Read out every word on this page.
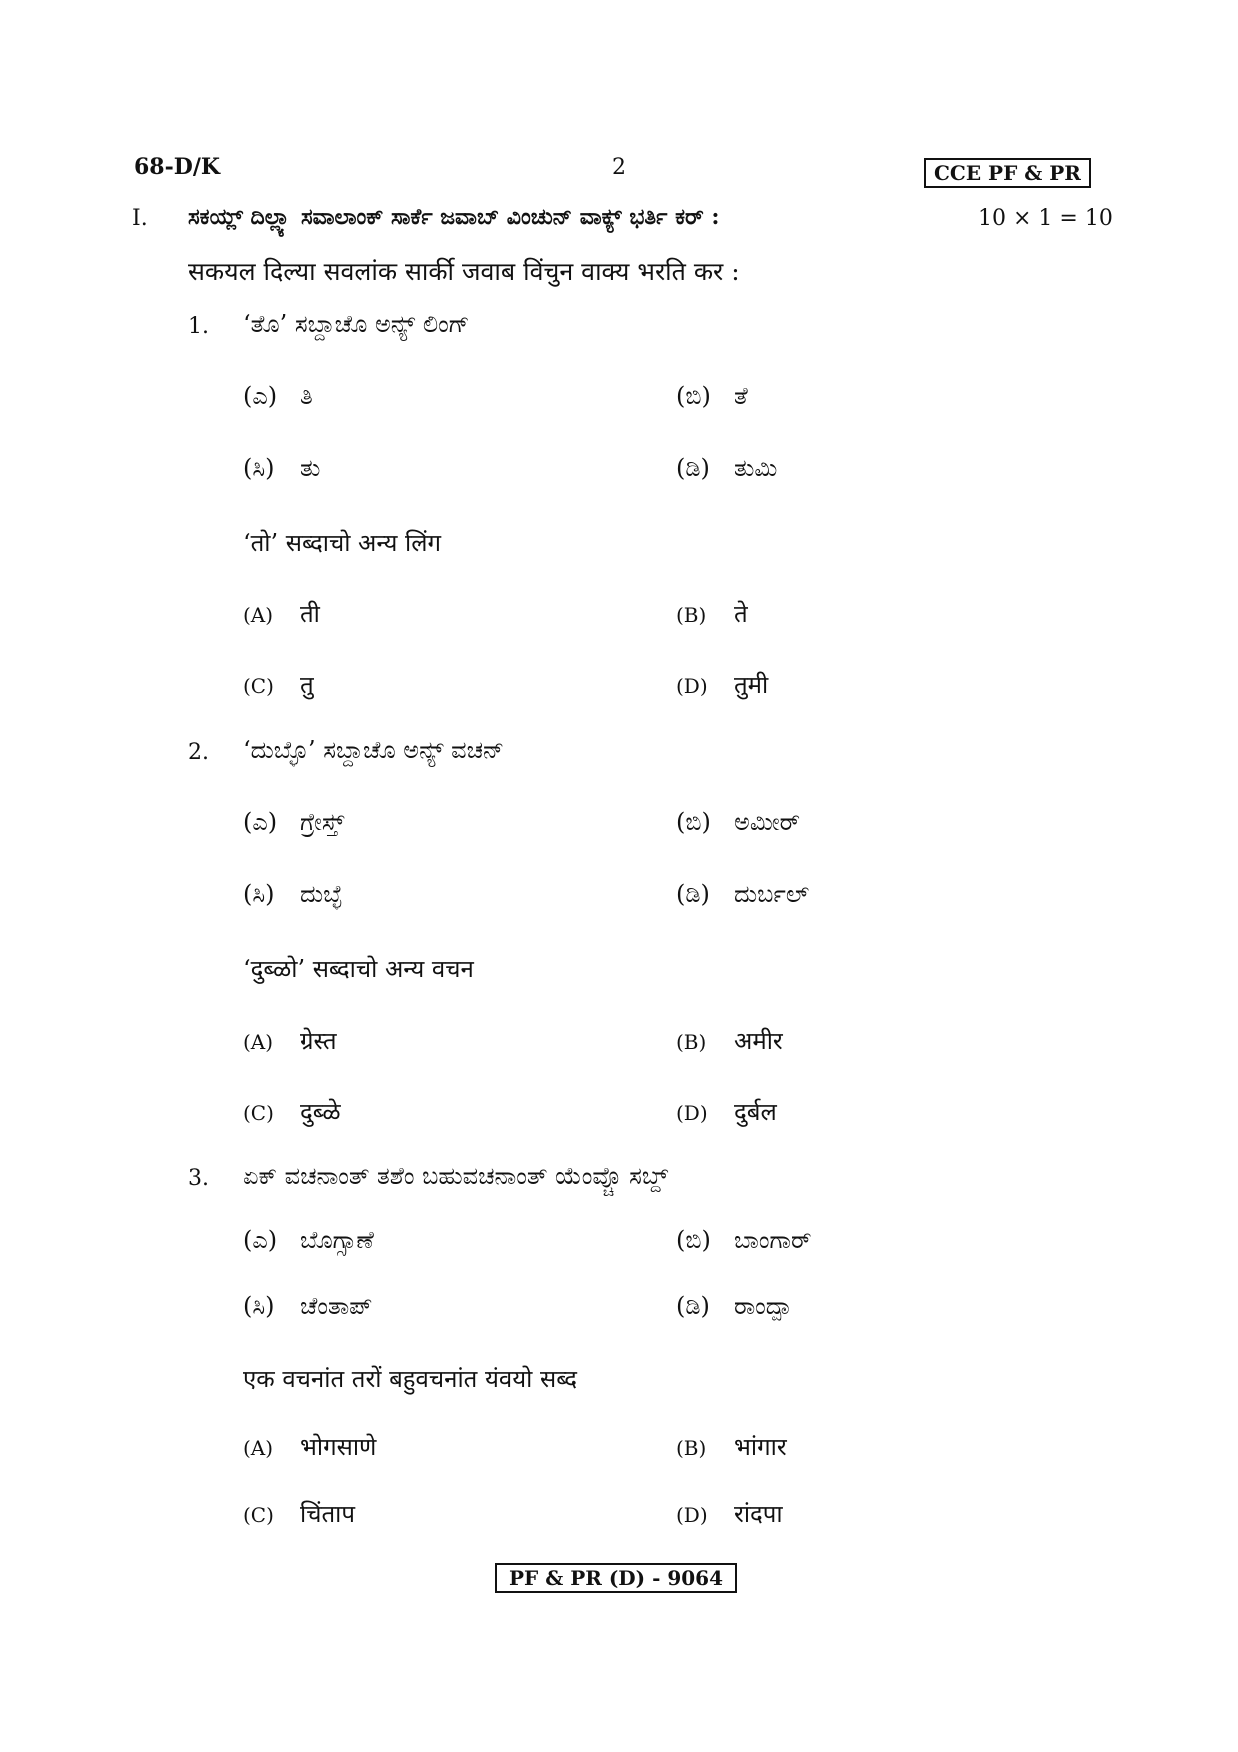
68-D/K	2	CCE PF & PR
I. ಸಕಯ್ಲ್ ದಿಲ್ಲ್ಯಾ ಸವಾಲಾಂಕ್ ಸಾರ್ಕೆ ಜವಾಬ್ ವಿಂಚುನ್ ವಾಕ್ಯ್ ಭರ್ತಿ ಕರ್ :	10 × 1 = 10
सकयल दिल्या सवलांक सार्की जवाब विंचुन वाक्य भरति कर :
1. ‘ತೊ’ ಸಬ್ದಾಚೊ ಅನ್ಯ್ ಲಿಂಗ್
(ಎ) ತಿ	(ಬಿ) ತೆ
(ಸಿ) ತು	(ಡಿ) ತುಮಿ
‘तो’ सब्दाचो अन्य लिंग
(A) ती	(B) ते
(C) तु	(D) तुमी
2. ‘ದುಬ್ಳೊ’ ಸಬ್ದಾಚೊ ಅನ್ಯ್ ವಚನ್
(ಎ) ಗ್ರೇಸ್ತ್	(ಬಿ) ಅಮೀರ್
(ಸಿ) ದುಬ್ಳೆ	(ಡಿ) ದುರ್ಬಲ್
‘दुब्ळो’ सब्दाचो अन्य वचन
(A) ग्रेस्त	(B) अमीर
(C) दुब्ळे	(D) दुर्बल
3. ಏಕ್ ವಚನಾಂತ್ ತಶೆಂ ಬಹುವಚನಾಂತ್ ಯೆಂವ್ಚೊ ಸಬ್ದ್
(ಎ) ಬೊಗ್ಸಾಣೆ	(ಬಿ) ಬಾಂಗಾರ್
(ಸಿ) ಚೆಂತಾಪ್	(ಡಿ) ರಾಂದ್ಪಾ
एक वचनांत तरों बहुवचनांत यंवयो सब्द
(A) भोगसाणे	(B) भांगार
(C) चिंताप	(D) रांदपा
PF & PR (D) - 9064
